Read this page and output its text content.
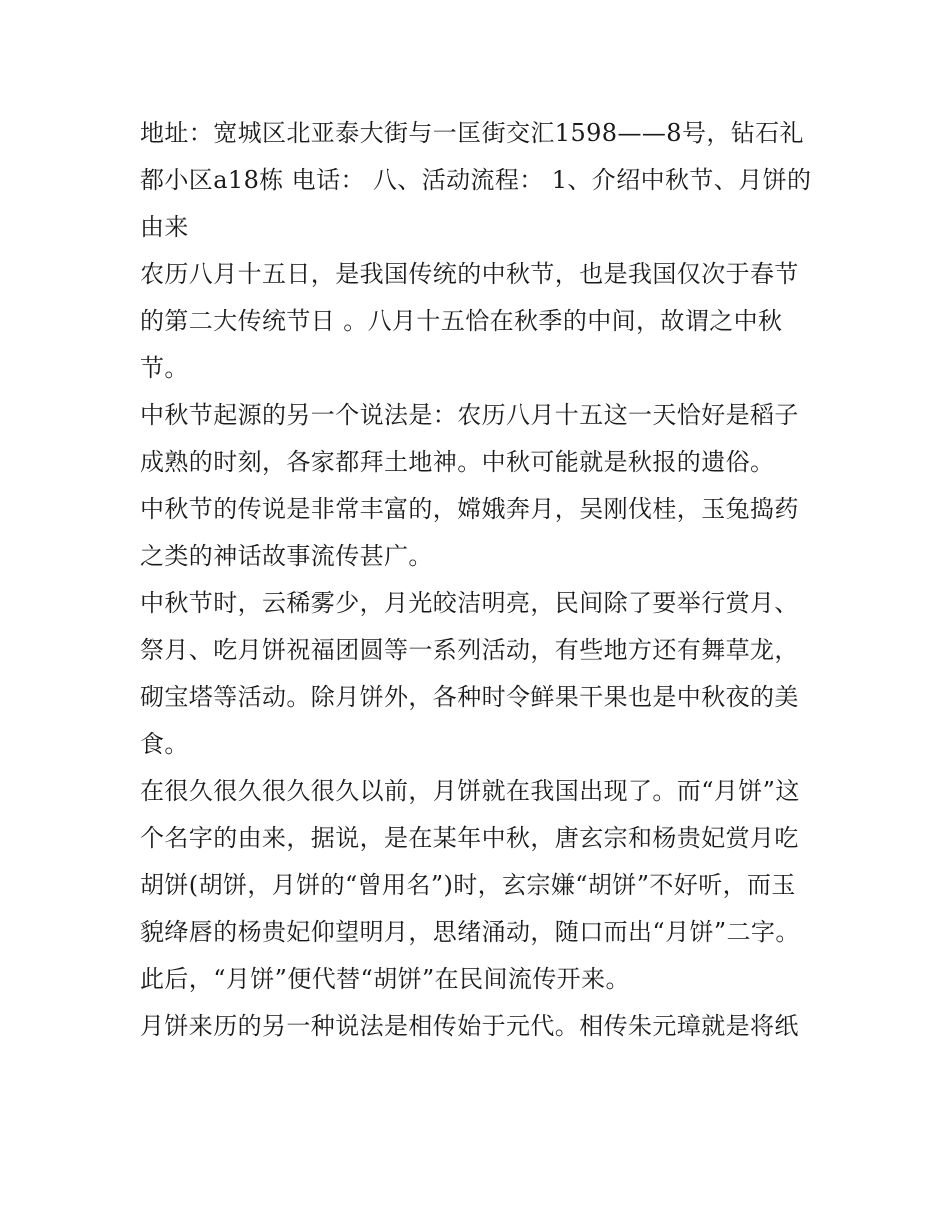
地址：宽城区北亚泰大街与一匡街交汇1598——8号，钻石礼都小区a18栋 电话： 八、活动流程： 1、介绍中秋节、月饼的由来

农历八月十五日，是我国传统的中秋节，也是我国仅次于春节的第二大传统节日 。八月十五恰在秋季的中间，故谓之中秋节。

中秋节起源的另一个说法是：农历八月十五这一天恰好是稻子成熟的时刻，各家都拜土地神。中秋可能就是秋报的遗俗。

中秋节的传说是非常丰富的，嫦娥奔月，吴刚伐桂，玉兔捣药之类的神话故事流传甚广。

中秋节时，云稀雾少，月光皎洁明亮，民间除了要举行赏月、祭月、吃月饼祝福团圆等一系列活动，有些地方还有舞草龙，砌宝塔等活动。除月饼外，各种时令鲜果干果也是中秋夜的美食。

在很久很久很久很久以前，月饼就在我国出现了。而“月饼”这个名字的由来，据说，是在某年中秋，唐玄宗和杨贵妃赏月吃胡饼(胡饼，月饼的“曾用名”)时，玄宗嫌“胡饼”不好听，而玉貌绛唇的杨贵妃仰望明月，思绪涌动，随口而出“月饼”二字。此后，“月饼”便代替“胡饼”在民间流传开来。

月饼来历的另一种说法是相传始于元代。相传朱元璋就是将纸
